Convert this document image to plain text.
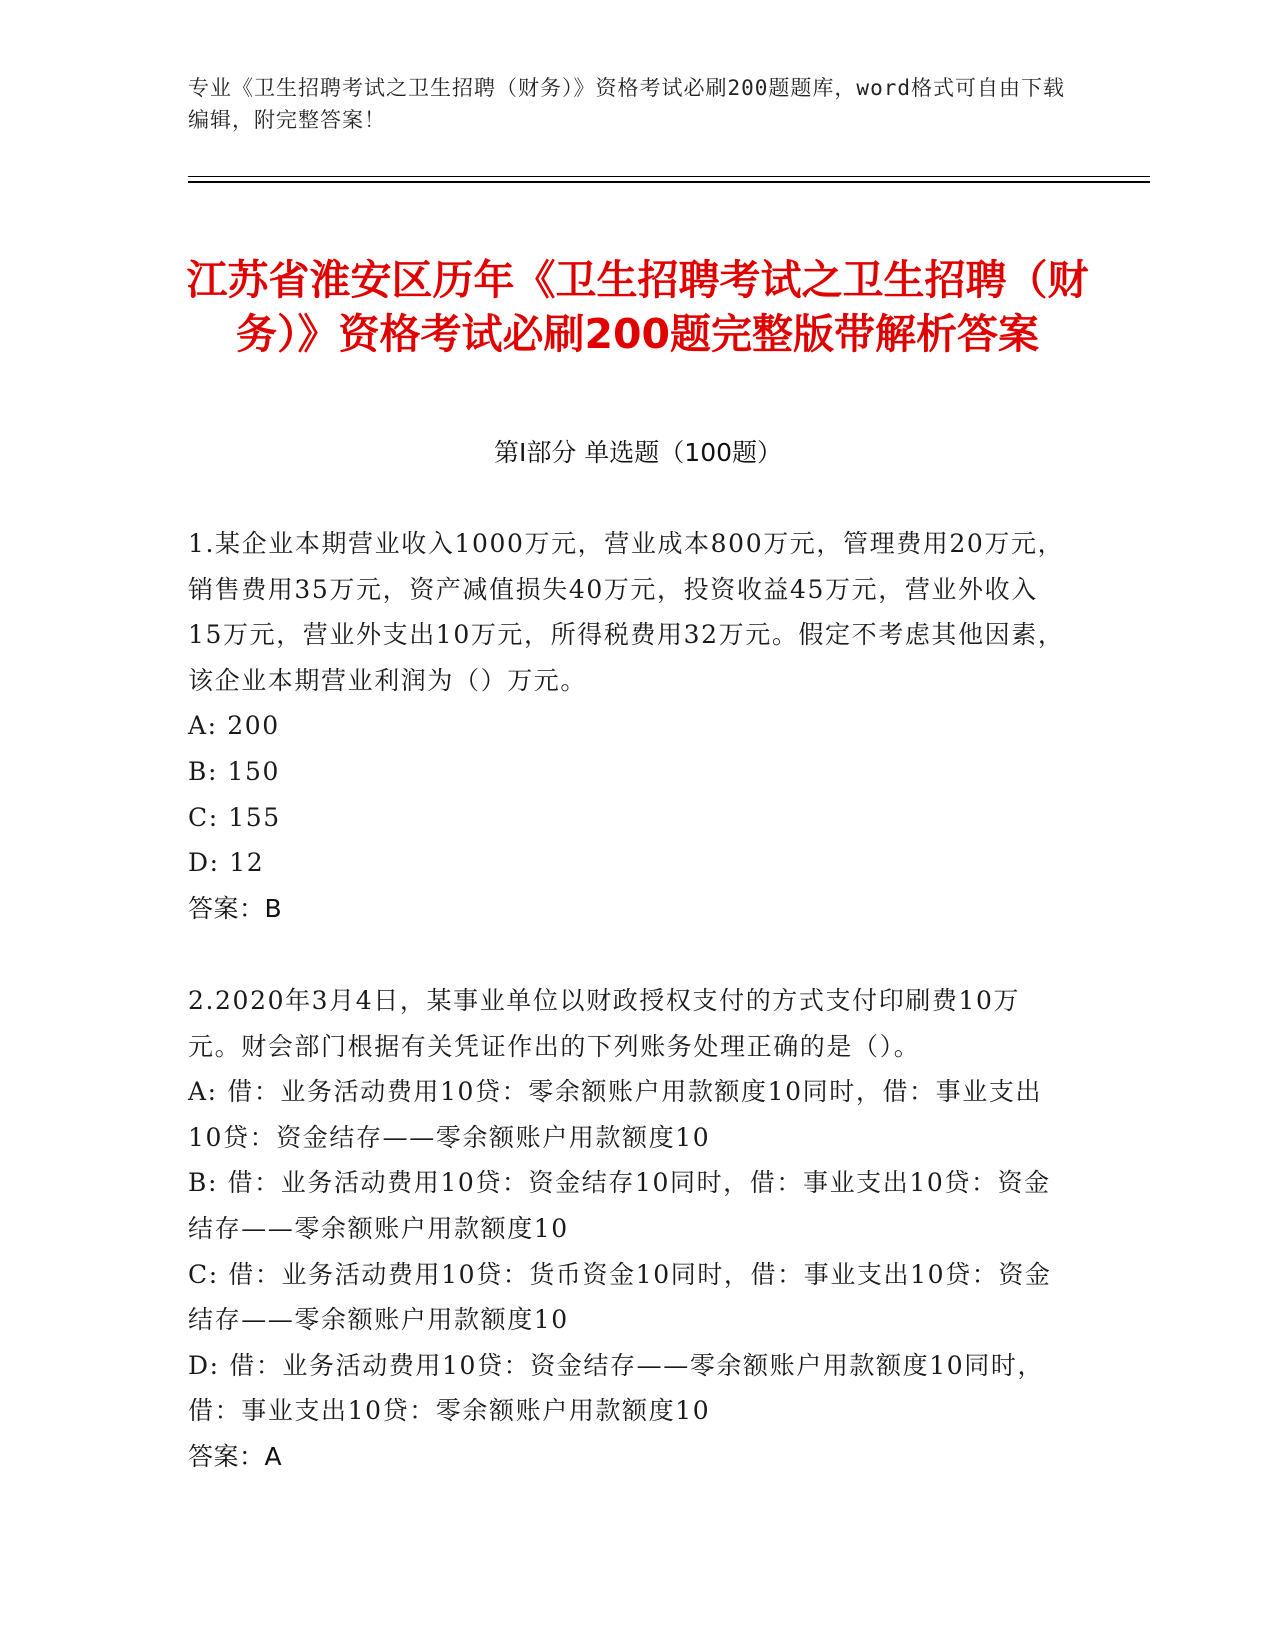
专业《卫生招聘考试之卫生招聘（财务）》资格考试必刷200题题库，word格式可自由下载编辑，附完整答案！
江苏省淮安区历年《卫生招聘考试之卫生招聘（财务）》资格考试必刷200题完整版带解析答案
第I部分 单选题（100题）

1.某企业本期营业收入1000万元，营业成本800万元，管理费用20万元，销售费用35万元，资产减值损失40万元，投资收益45万元，营业外收入15万元，营业外支出10万元，所得税费用32万元。假定不考虑其他因素，该企业本期营业利润为（）万元。

A: 200

B: 150

C: 155

D: 12

答案：B

2.2020年3月4日，某事业单位以财政授权支付的方式支付印刷费10万元。财会部门根据有关凭证作出的下列账务处理正确的是（）。

A: 借：业务活动费用10贷：零余额账户用款额度10同时，借：事业支出10贷：资金结存——零余额账户用款额度10

B: 借：业务活动费用10贷：资金结存10同时，借：事业支出10贷：资金结存——零余额账户用款额度10

C: 借：业务活动费用10贷：货币资金10同时，借：事业支出10贷：资金结存——零余额账户用款额度10

D: 借：业务活动费用10贷：资金结存——零余额账户用款额度10同时，借：事业支出10贷：零余额账户用款额度10

答案：A
